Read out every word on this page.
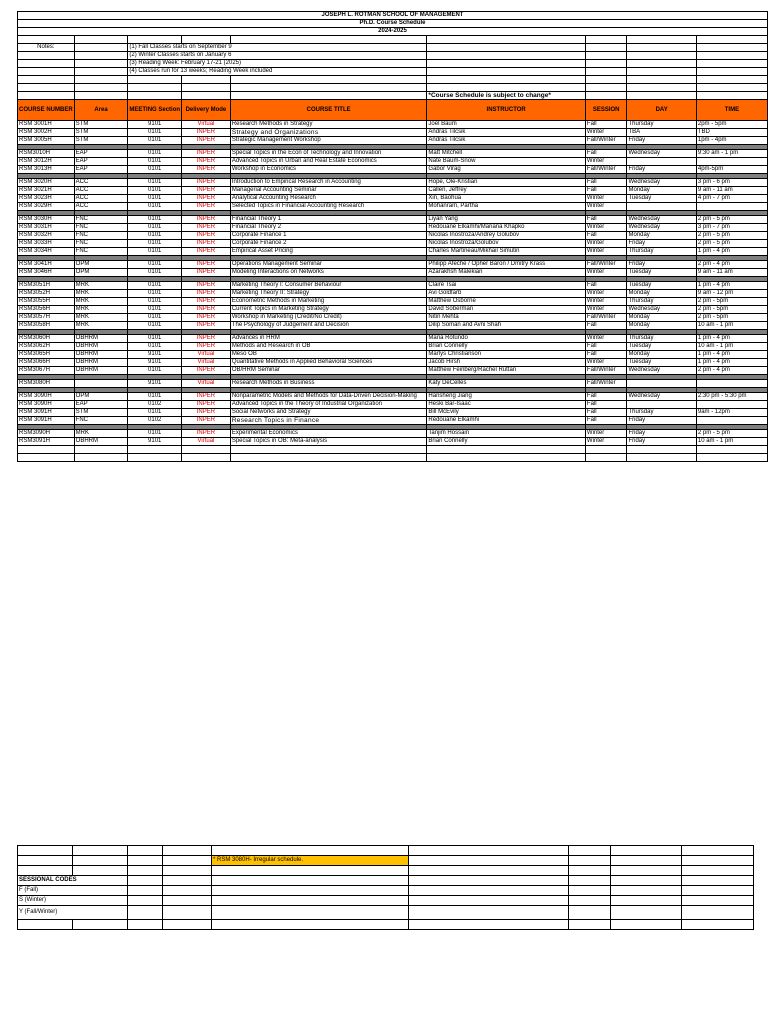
JOSEPH L. ROTMAN SCHOOL OF MANAGEMENT								
Ph.D. Course Schedule								
2024-2025								

Notes:		(1) Fall Classes starts on September 9						
		(2) Winter Classes starts on January 6						
		(3) Reading Week: February 17-21 (2025)						
		(4) Classes run for 13 weeks; Reading Week included						

					*Course Schedule is subject to change*			
COURSE NUMBER	Area	MEETING Section	Delivery Mode	COURSE TITLE	INSTRUCTOR	SESSION	DAY	TIME
RSM 3001H	STM	9101	Virtual	Research Methods in Strategy	Joel Baum	Fall	Thursday	2pm - 5pm
RSM 3002H	STM	0101	INPER	Strategy and Organizations	Andras Tilcsik	Winter	TBA	TBD
RSM 3005H	STM	0101	INPER	Strategic Management Workshop	Andras Tilcsik	Fall/Winter	Friday	1pm - 4pm

RSM3010H	EAP	0101	INPER	Special Topics in the Econ of Technology and Innovation	Matt Mitchell	Fall	Wednesday	9:30 am - 1 pm
RSM 3012H	EAP	0101	INPER	Advanced Topics in Urban and Real Estate Economics	Nate Baum-Snow	Winter		
RSM 3013H	EAP	0101	INPER	Workshop in Economics	Gabor Virag	Fall/Winter	Friday	4pm-5pm

RSM 3020H	ACC	0101	INPER	Introduction to Empirical Research in Accounting	Hope, Ole-Kristian	Fall	Wednesday	3 pm - 6 pm
RSM 3021H	ACC	0101	INPER	Managerial Accounting Seminar	Callen, Jeffrey	Fall	Monday	9 am - 11 am
RSM 3023H	ACC	0101	INPER	Analytical Accounting Research	Xin, Baohua	Winter	Tuesday	4 pm - 7 pm
RSM 3029H	ACC	0101	INPER	Selected Topics in Financial Accounting Research	Mohanram, Partha	Winter		

RSM 3030H	FNC	0101	INPER	Financial Theory 1	Liyan Yang	Fall	Wednesday	2 pm - 5 pm
RSM 3031H	FNC	0101	INPER	Financial Theory 2	Redouane Elkamhi/Mariana Khapko	Winter	Wednesday	3 pm - 7 pm
RSM 3032H	FNC	0101	INPER	Corporate Finance 1	Nicolas Inostroza/Andrey Golubov	Fall	Monday	2 pm - 5 pm
RSM 3033H	FNC	0101	INPER	Corporate Finance 2	Nicolas Inostroza/Golubov	Winter	Friday	2 pm - 5 pm
RSM 3034H	FNC	0101	INPER	Empirical Asset Pricing	Charles Martineau/Mikhail Simutin	Winter	Thursday	1 pm - 4 pm

RSM 3041H	OPM	0101	INPER	Operations Management Seminar	Philipp Afeche / Opher Baron / Dmitry Krass	Fall/Winter	Friday	2 pm - 4 pm
RSM 3046H	OPM	0101	INPER	Modeling Interactions on Networks	Azarakhsh Malekian	Winter	Tuesday	9 am - 11 am

RSM3051H	MRK	0101	INPER	Marketing Theory I: Consumer Behaviour	Claire Tsai	Fall	Tuesday	1 pm - 4 pm
RSM3052H	MRK	0101	INPER	Marketing Theory II: Strategy	Avi Goldfarb	Winter	Monday	9 am - 12 pm
RSM3055H	MRK	0101	INPER	Econometric Methods in Marketing	Matthew Osborne	Winter	Thursday	2 pm - 5pm
RSM3056H	MRK	0101	INPER	Current Topics in Marketing Strategy	David Soberman	Winter	Wednesday	2 pm - 5pm
RSM3057H	MRK	0101	INPER	Workshop in Marketing (Credit/No Credit)	Nitin Mehta	Fall/Winter	Monday	2 pm - 5pm
RSM3058H	MRK	0101	INPER	The Psychology of Judgement and Decision	Dilip Soman and Avni Shah	Fall	Monday	10 am - 1 pm

RSM3060H	OBHRM	0101	INPER	Advances in HRM	Maria Rotundo	Winter	Thursday	1 pm - 4 pm
RSM3062H	OBHRM	0101	INPER	Methods and Research in OB	Brian Connelly	Fall	Tuesday	10 am - 1 pm
RSM3065H	OBHRM	9101	Virtual	Meso OB	Marlys Christianson	Fall	Monday	1 pm - 4 pm
RSM3066H	OBHRM	9101	Virtual	Quantitative Methods in Applied Behavioral Sciences	Jacob Hirsh	Winter	Tuesday	1 pm - 4 pm
RSM3067H	OBHRM	0101	INPER	OB/HRM Seminar	Matthew Feinberg/Rachel Ruttan	Fall/Winter	Wednesday	2 pm - 4 pm

RSM3080H		9101	Virtual	Research Methods in Business	Katy DeCelles	Fall/Winter		

RSM 3090H	OPM	0101	INPER	Nonparametric Models and Methods for Data-Driven Decision-Making	Hansheng Jiang	Fall	Wednesday	2:30 pm - 5:30 pm
RSM 3090H	EAP	0102	INPER	Advanced Topics in the Theory of Industrial Organization	Heski Bar-Isaac	Fall		
RSM 3091H	STM	0101	INPER	Social Networks and Strategy	Bill McEvily	Fall	Thursday	9am - 12pm
RSM 3091H	FNC	0102	INPER	Research Topics in Finance	Redouane Elkamhi	Fall	Friday	

RSM3090H	MRK	0101	INPER	Experimental Economics	Tanjim Hossain	Winter	Friday	2 pm - 5 pm
RSM3091H	OBHRM	9101	Virtual	Special Topics in OB: Meta-analysis	Brian Connelly	Winter	Friday	10 am - 1 pm

				* RSM 3080H- Irregular schedule.				

SESSIONAL CODES								
F (Fall)								
S (Winter)								
Y (Fall/Winter)								
